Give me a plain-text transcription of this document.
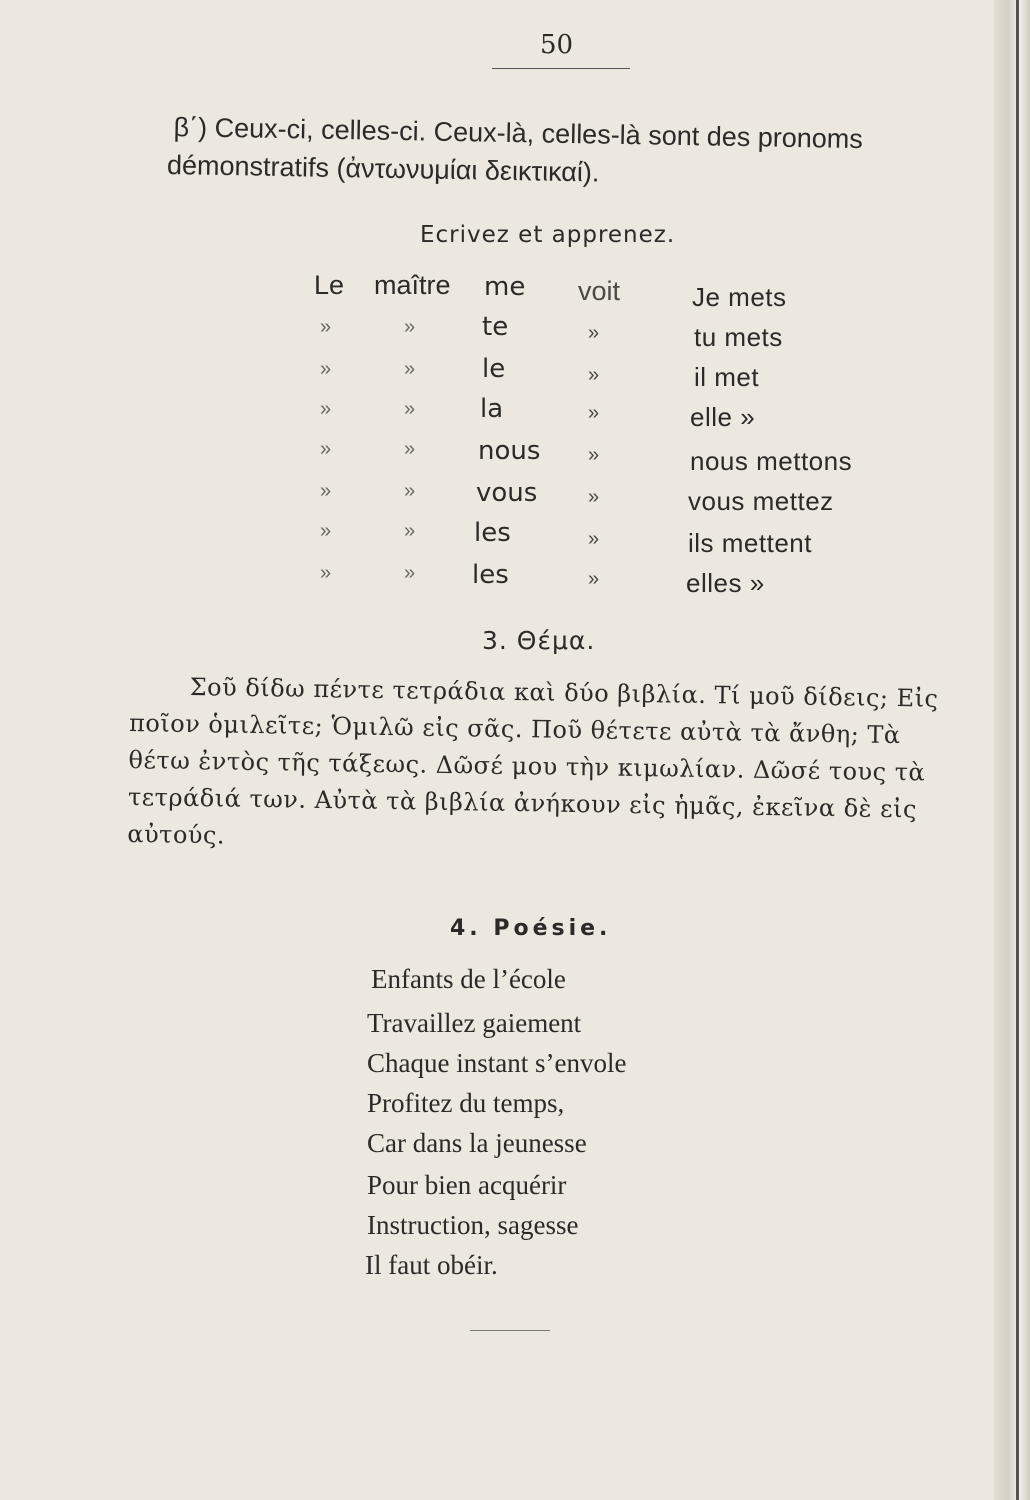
50
β΄) Ceux-ci, celles-ci. Ceux-là, celles-là sont des pronoms démonstratifs (ἀντωνυμίαι δεικτικαί).
Ecrivez et apprenez.
Le
»
»
»
»
»
»
»
maître
»
»
»
»
»
»
»
me
te
le
la
nous
vous
les
les
voit
»
»
»
»
»
»
»
Je mets
tu mets
il met
elle »
nous mettons
vous mettez
ils mettent
elles »
3. Θέμα.
Σοῦ δίδω πέντε τετράδια καὶ δύο βιβλία. Τί μοῦ δίδεις; Εἰς ποῖον ὁμιλεῖτε; Ὁμιλῶ εἰς σᾶς. Ποῦ θέτετε αὐτὰ τὰ ἄνθη; Τὰ θέτω ἐντὸς τῆς τάξεως. Δῶσέ μου τὴν κιμωλίαν. Δῶσέ τους τὰ τετράδιά των. Αὐτὰ τὰ βιβλία ἀνήκουν εἰς ἡμᾶς, ἐκεῖνα δὲ εἰς αὐτούς.
4. Poésie.
Enfants de l’école
Travaillez gaiement
Chaque instant s’envole
Profitez du temps,
Car dans la jeunesse
Pour bien acquérir
Instruction, sagesse
Il faut obéir.
